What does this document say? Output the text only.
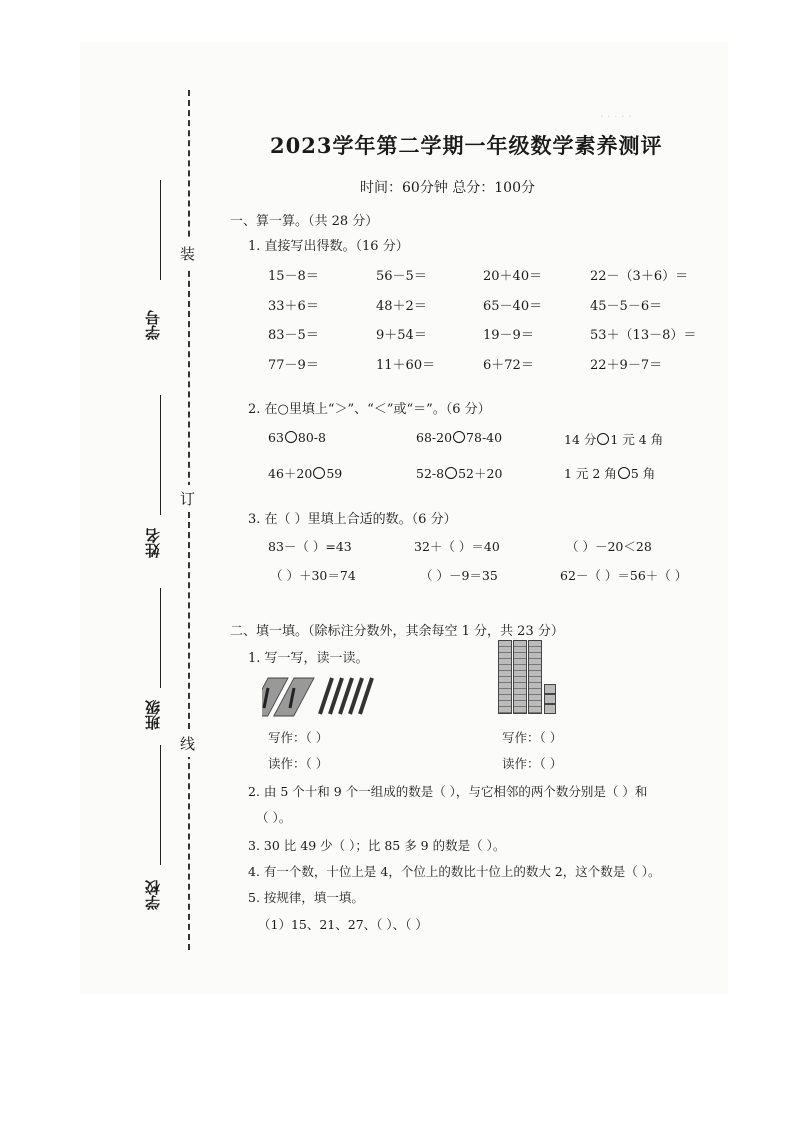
· · · · ·
学号
姓名
班级
学校
装
订
线
2023学年第二学期一年级数学素养测评
时间：60分钟 总分：100分
一、算一算。（共 28 分）
1. 直接写出得数。（16 分）
15－8＝	56－5＝	20＋40＝	22－（3＋6）＝
33＋6＝	48＋2＝	65－40＝	45－5－6＝
83－5＝	9＋54＝	19－9＝	53＋（13－8）＝
77－9＝	11＋60＝	6＋72＝	22＋9－7＝
2. 在○里填上“＞”、“＜”或“＝”。（6 分）
63 80-8	68-20 78-40	14 分 1 元 4 角
46＋20 59	52-8 52＋20	1 元 2 角 5 角
3. 在（ ）里填上合适的数。（6 分）
83－（ ）=43	32＋（ ）＝40	（ ）－20＜28
（ ）＋30＝74	（ ）－9＝35	62－（ ）＝56＋（ ）
二、填一填。（除标注分数外，其余每空 1 分，共 23 分）
1. 写一写，读一读。
写作：（ ）
读作：（ ）
写作：（ ）
读作：（ ）
2. 由 5 个十和 9 个一组成的数是（ ），与它相邻的两个数分别是（ ）和
（ ）。
3. 30 比 49 少（ ）；比 85 多 9 的数是（ ）。
4. 有一个数，十位上是 4，个位上的数比十位上的数大 2，这个数是（ ）。
5. 按规律，填一填。
（1）15、21、27、（ ）、（ ）
